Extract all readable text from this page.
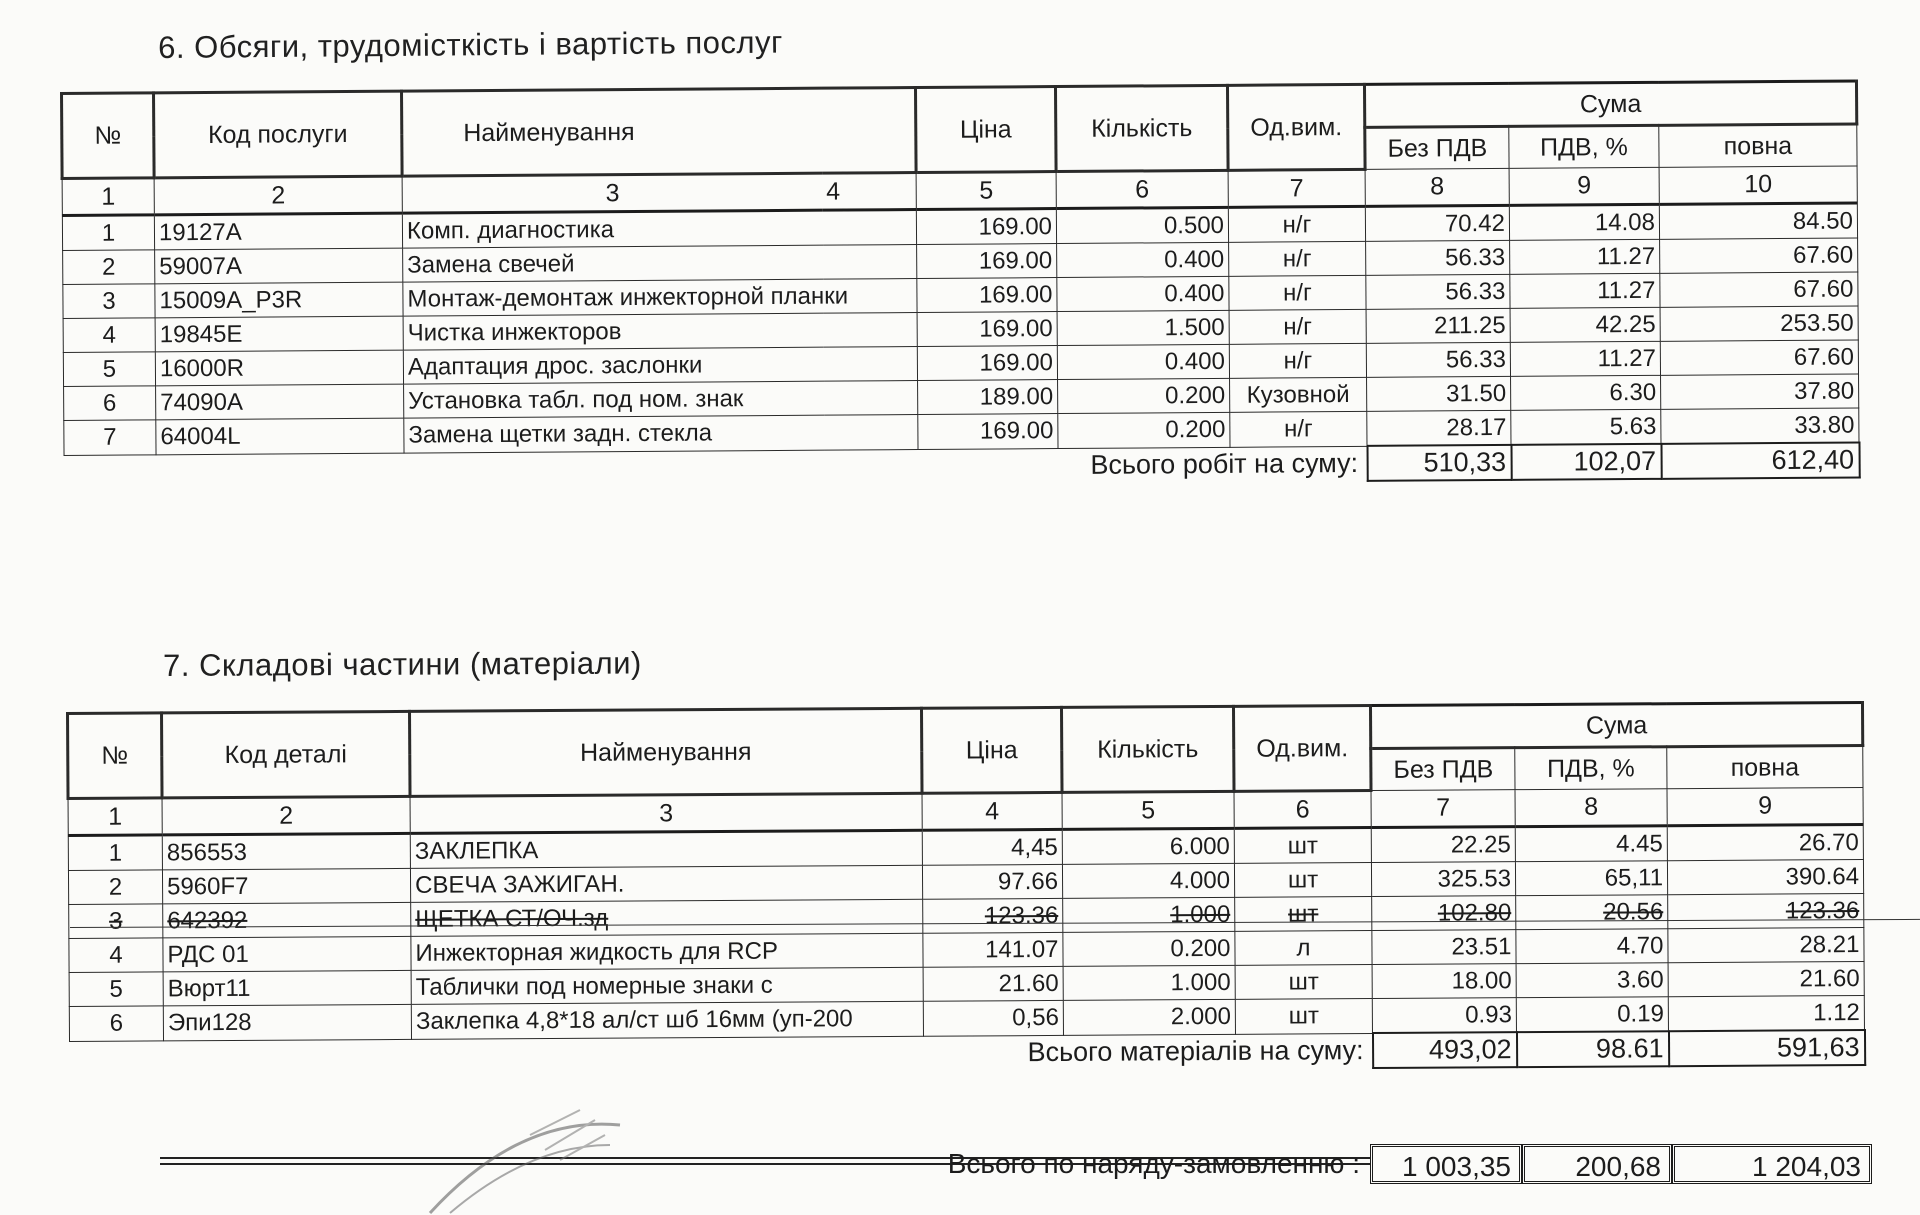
6. Обсяги, трудомісткість і вартість послуг
№	Код послуги	Найменування		Ціна	Кількість	Од.вим.	Сума		
							Без ПДВ	ПДВ, %	повна
1	2	3	4	5	6	7	8	9	10
1	19127A	Комп. диагностика		169.00	0.500	н/г	70.42	14.08	84.50
2	59007A	Замена свечей		169.00	0.400	н/г	56.33	11.27	67.60
3	15009A_P3R	Монтаж-демонтаж инжекторной планки		169.00	0.400	н/г	56.33	11.27	67.60
4	19845E	Чистка инжекторов		169.00	1.500	н/г	211.25	42.25	253.50
5	16000R	Адаптация дрос. заслонки		169.00	0.400	н/г	56.33	11.27	67.60
6	74090A	Установка табл. под ном. знак		189.00	0.200	Кузовной	31.50	6.30	37.80
7	64004L	Замена щетки задн. стекла		169.00	0.200	н/г	28.17	5.63	33.80
Всього робіт на суму:							510,33	102,07	612,40
7. Складові частини (матеріали)
№	Код деталі	Найменування	Ціна	Кількість	Од.вим.	Сума		
						Без ПДВ	ПДВ, %	повна
1	2	3	4	5	6	7	8	9
1	856553	ЗАКЛЕПКА	4,45	6.000	шт	22.25	4.45	26.70
2	5960F7	СВЕЧА ЗАЖИГАН.	97.66	4.000	шт	325.53	65,11	390.64
3	642392	ЩЕТКА СТ/ОЧ.зд	123.36	1.000	шт	102.80	20.56	123.36
4	РДС 01	Инжекторная жидкость для RCP	141.07	0.200	л	23.51	4.70	28.21
5	Вюрт11	Таблички под номерные знаки с	21.60	1.000	шт	18.00	3.60	21.60
6	Эпи128	Заклепка 4,8*18 ал/ст шб 16мм (уп-200	0,56	2.000	шт	0.93	0.19	1.12
Всього матеріалів на суму:						493,02	98.61	591,63
Всього по наряду-замовленню :	1 003,35	200,68	1 204,03
